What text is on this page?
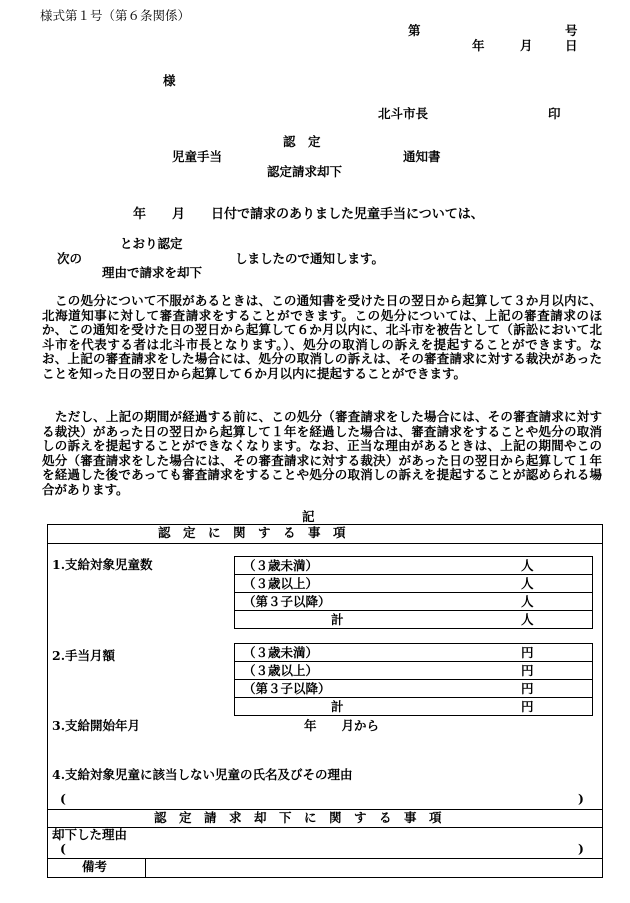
様式第１号（第６条関係）
第	号
年	月	日
様
北斗市長	印
認　定
児童手当
認定請求却下
通知書
年　　月　　日付で請求のありました児童手当については、
とおり認定
次の	しましたので通知します。
理由で請求を却下
この処分について不服があるときは、この通知書を受けた日の翌日から起算して３か月以内に、北海道知事に対して審査請求をすることができます。この処分については、上記の審査請求のほか、この通知を受けた日の翌日から起算して６か月以内に、北斗市を被告として（訴訟において北斗市を代表する者は北斗市長となります。）、処分の取消しの訴えを提起することができます。なお、上記の審査請求をした場合には、処分の取消しの訴えは、その審査請求に対する裁決があったことを知った日の翌日から起算して６か月以内に提起することができます。
ただし、上記の期間が経過する前に、この処分（審査請求をした場合には、その審査請求に対する裁決）があった日の翌日から起算して１年を経過した場合は、審査請求をすることや処分の取消しの訴えを提起することができなくなります。なお、正当な理由があるときは、上記の期間やこの処分（審査請求をした場合には、その審査請求に対する裁決）があった日の翌日から起算して１年を経過した後であっても審査請求をすることや処分の取消しの訴えを提起することが認められる場合があります。
記
認　定　に　関　す　る　事　項
1.支給対象児童数	（３歳未満）	人
（３歳以上）	人
（第３子以降）	人
計	人
2.手当月額	（３歳未満）	円
（３歳以上）	円
（第３子以降）	円
計	円
3.支給開始年月	年　　月から
4.支給対象児童に該当しない児童の氏名及びその理由
(	)
認　定　請　求　却　下　に　関　す　る　事　項
却下した理由
(	)
備考
